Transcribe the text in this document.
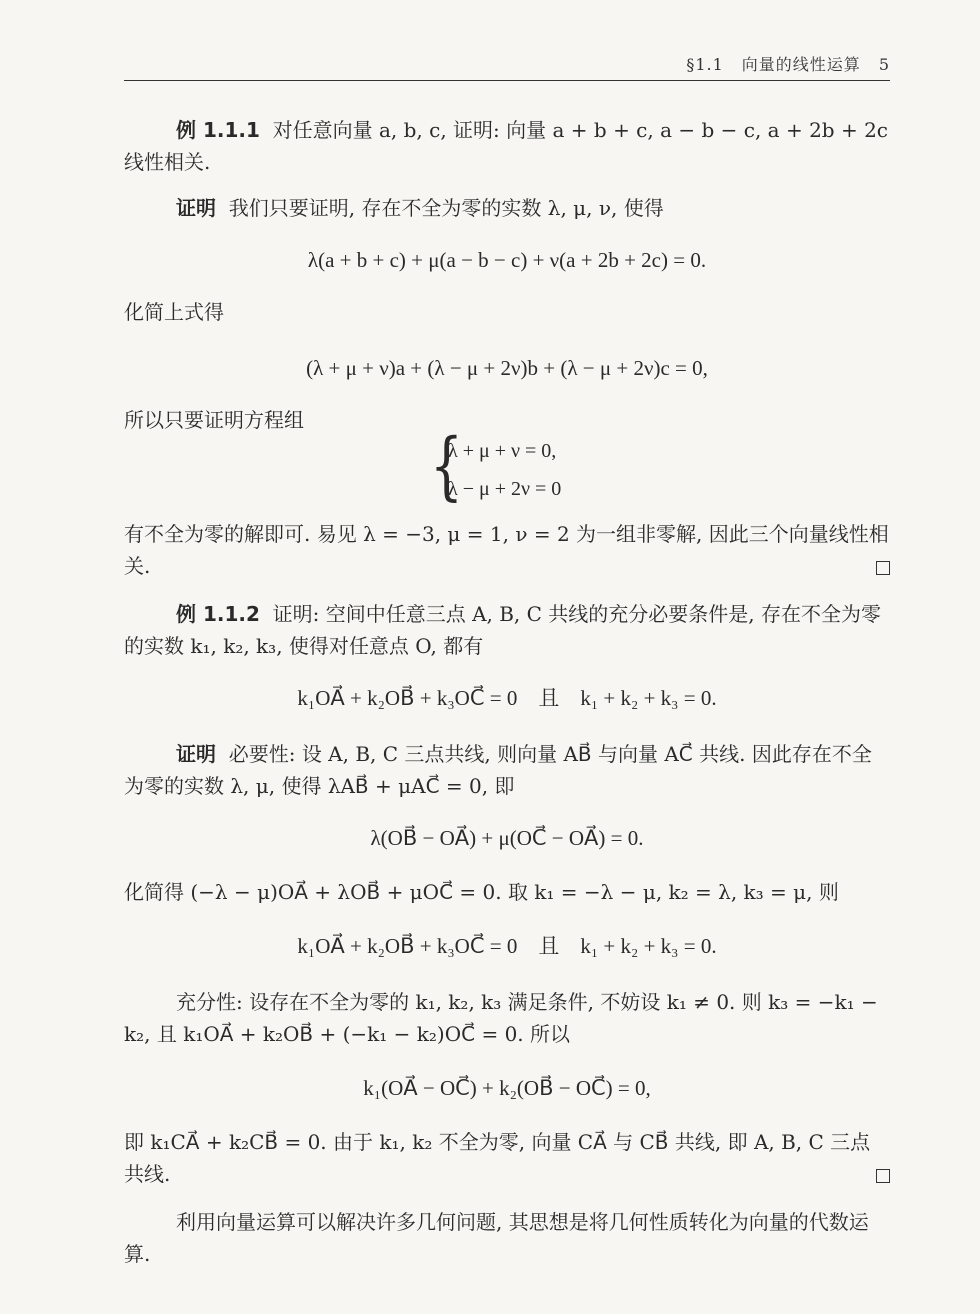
§1.1 向量的线性运算 5
例 1.1.1 对任意向量 a, b, c, 证明: 向量 a + b + c, a − b − c, a + 2b + 2c 线性相关.
证明 我们只要证明, 存在不全为零的实数 λ, μ, ν, 使得
λ(a + b + c) + μ(a − b − c) + ν(a + 2b + 2c) = 0.
化简上式得
(λ + μ + ν)a + (λ − μ + 2ν)b + (λ − μ + 2ν)c = 0,
所以只要证明方程组
{
λ + μ + ν = 0,
λ − μ + 2ν = 0
有不全为零的解即可. 易见 λ = −3, μ = 1, ν = 2 为一组非零解, 因此三个向量线性相关.
例 1.1.2 证明: 空间中任意三点 A, B, C 共线的充分必要条件是, 存在不全为零的实数 k₁, k₂, k₃, 使得对任意点 O, 都有
k₁OA⃗ + k₂OB⃗ + k₃OC⃗ = 0    且    k₁ + k₂ + k₃ = 0.
证明 必要性: 设 A, B, C 三点共线, 则向量 AB⃗ 与向量 AC⃗ 共线. 因此存在不全为零的实数 λ, μ, 使得 λAB⃗ + μAC⃗ = 0, 即
λ(OB⃗ − OA⃗) + μ(OC⃗ − OA⃗) = 0.
化简得 (−λ − μ)OA⃗ + λOB⃗ + μOC⃗ = 0. 取 k₁ = −λ − μ, k₂ = λ, k₃ = μ, 则
k₁OA⃗ + k₂OB⃗ + k₃OC⃗ = 0    且    k₁ + k₂ + k₃ = 0.
充分性: 设存在不全为零的 k₁, k₂, k₃ 满足条件, 不妨设 k₁ ≠ 0. 则 k₃ = −k₁ − k₂, 且 k₁OA⃗ + k₂OB⃗ + (−k₁ − k₂)OC⃗ = 0. 所以
k₁(OA⃗ − OC⃗) + k₂(OB⃗ − OC⃗) = 0,
即 k₁CA⃗ + k₂CB⃗ = 0. 由于 k₁, k₂ 不全为零, 向量 CA⃗ 与 CB⃗ 共线, 即 A, B, C 三点共线.
利用向量运算可以解决许多几何问题, 其思想是将几何性质转化为向量的代数运算.
